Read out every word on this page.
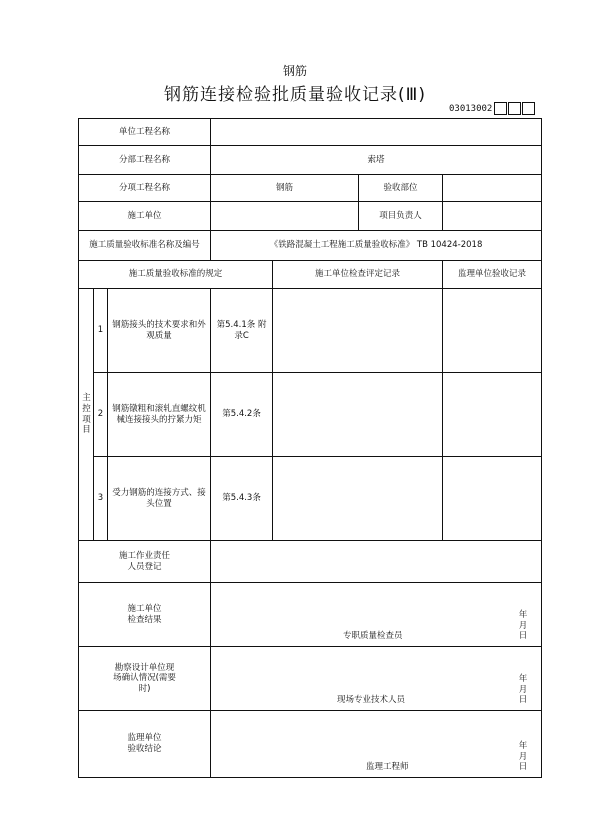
钢筋
钢筋连接检验批质量验收记录(Ⅲ)
03013002
单位工程名称						
分部工程名称			索塔			
分项工程名称			钢筋		验收部位	
施工单位					项目负责人	
施工质量验收标准名称及编号			《铁路混凝土工程施工质量验收标准》 TB 10424-2018			
施工质量验收标准的规定				施工单位检查评定记录		监理单位验收记录
主控项目	1	钢筋接头的技术要求和外观质量	第5.4.1条 附录C			
	2	钢筋镦粗和滚轧直螺纹机械连接接头的拧紧力矩	第5.4.2条			
	3	受力钢筋的连接方式、接头位置	第5.4.3条			
施工作业责任人员登记						
施工单位检查结果			专职质量检查员
年月日			

勘察设计单位现场确认情况(需要时)			现场专业技术人员
年月日			

监理单位验收结论			监理工程师
年月日			
